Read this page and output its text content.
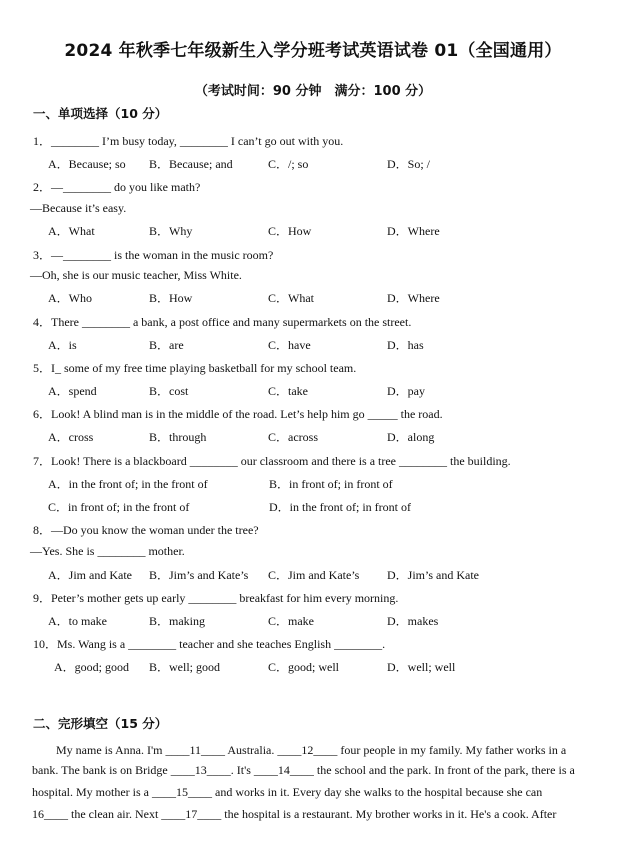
2024 年秋季七年级新生入学分班考试英语试卷 01（全国通用）
（考试时间：90 分钟　满分：100 分）
一、单项选择（10 分）
1．________ I’m busy today, ________ I can’t go out with you.
A．Because; so B．Because; and	C．/; so	D．So; /
2．—________ do you like math?
—Because it’s easy.
A．What	B．Why	C．How	D．Where
3．—________ is the woman in the music room?
—Oh, she is our music teacher, Miss White.
A．Who	B．How	C．What	D．Where
4．There ________ a bank, a post office and many supermarkets on the street.
A．is	B．are	C．have	D．has
5．I_ some of my free time playing basketball for my school team.
A．spend	B．cost	C．take	D．pay
6．Look! A blind man is in the middle of the road. Let’s help him go _____ the road.
A．cross	B．through	C．across	D．along
7．Look! There is a blackboard ________ our classroom and there is a tree ________ the building.
A．in the front of; in the front of	B．in front of; in front of
C．in front of; in the front of	D．in the front of; in front of
8．—Do you know the woman under the tree?
—Yes. She is ________ mother.
A．Jim and Kate B．Jim’s and Kate’s C．Jim and Kate’s D．Jim’s and Kate
9．Peter’s mother gets up early ________ breakfast for him every morning.
A．to make	B．making	C．make	D．makes
10．Ms. Wang is a ________ teacher and she teaches English ________.
A．good; good B．well; good	C．good; well	D．well; well
二、完形填空（15 分）
　　My name is Anna. I'm ____11____ Australia. ____12____ four people in my family. My father works in a
bank. The bank is on Bridge ____13____. It's ____14____ the school and the park. In front of the park, there is a
hospital. My mother is a ____15____ and works in it. Every day she walks to the hospital because she can
16____ the clean air. Next ____17____ the hospital is a restaurant. My brother works in it. He's a cook. After
